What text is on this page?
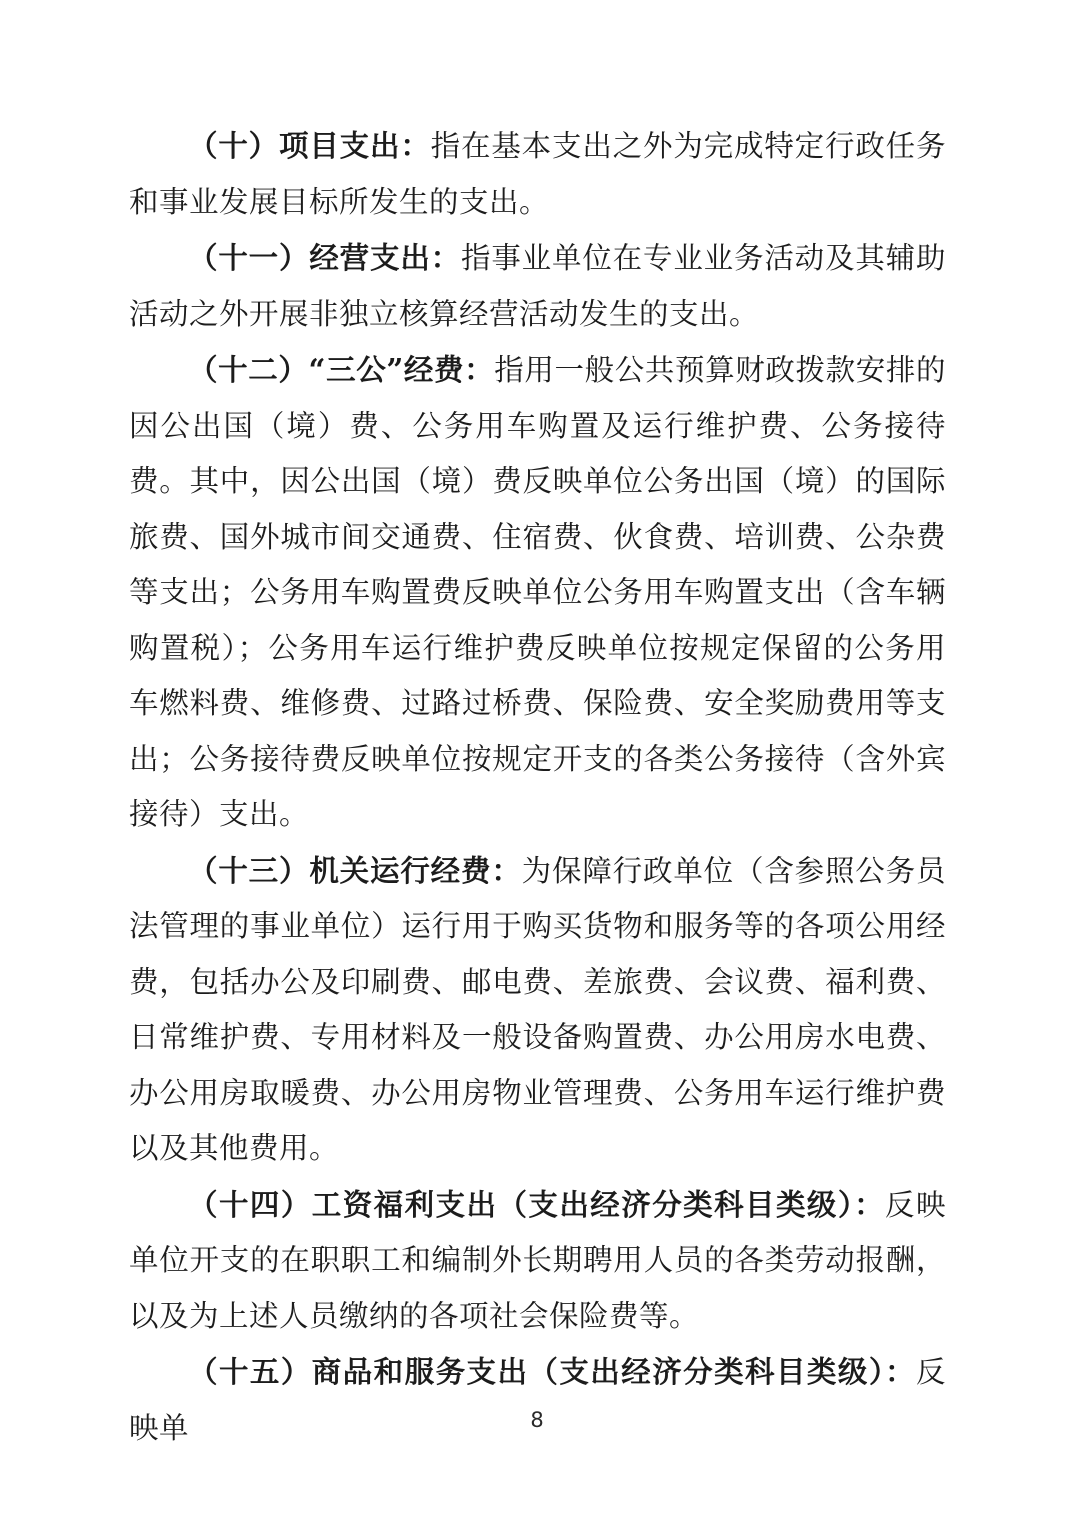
（十）项目支出：指在基本支出之外为完成特定行政任务和事业发展目标所发生的支出。

（十一）经营支出：指事业单位在专业业务活动及其辅助活动之外开展非独立核算经营活动发生的支出。

（十二）“三公”经费：指用一般公共预算财政拨款安排的因公出国（境）费、公务用车购置及运行维护费、公务接待费。其中，因公出国（境）费反映单位公务出国（境）的国际旅费、国外城市间交通费、住宿费、伙食费、培训费、公杂费等支出；公务用车购置费反映单位公务用车购置支出（含车辆购置税）；公务用车运行维护费反映单位按规定保留的公务用车燃料费、维修费、过路过桥费、保险费、安全奖励费用等支出；公务接待费反映单位按规定开支的各类公务接待（含外宾接待）支出。

（十三）机关运行经费：为保障行政单位（含参照公务员法管理的事业单位）运行用于购买货物和服务等的各项公用经费，包括办公及印刷费、邮电费、差旅费、会议费、福利费、日常维护费、专用材料及一般设备购置费、办公用房水电费、办公用房取暖费、办公用房物业管理费、公务用车运行维护费以及其他费用。

（十四）工资福利支出（支出经济分类科目类级）：反映单位开支的在职职工和编制外长期聘用人员的各类劳动报酬，以及为上述人员缴纳的各项社会保险费等。

（十五）商品和服务支出（支出经济分类科目类级）：反映单	8
